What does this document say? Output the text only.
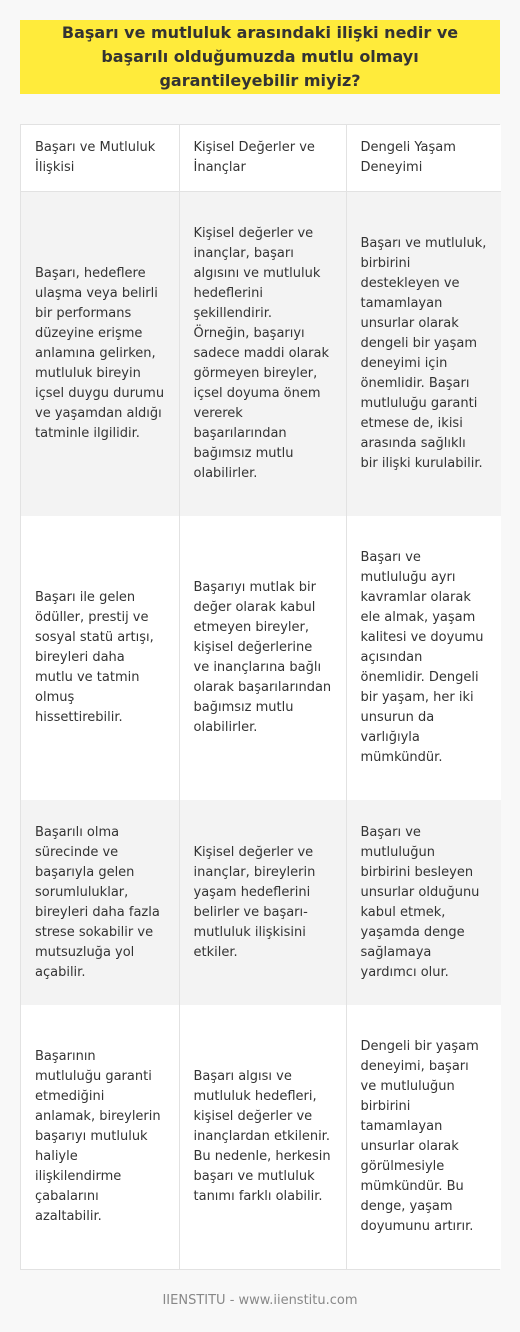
Başarı ve mutluluk arasındaki ilişki nedir ve başarılı olduğumuzda mutlu olmayı garantileyebilir miyiz?
Başarı ve Mutluluk İlişkisi	Kişisel Değerler ve İnançlar	Dengeli Yaşam Deneyimi
Başarı, hedeflere ulaşma veya belirli bir performans düzeyine erişme anlamına gelirken, mutluluk bireyin içsel duygu durumu ve yaşamdan aldığı tatminle ilgilidir.	Kişisel değerler ve inançlar, başarı algısını ve mutluluk hedeflerini şekillendirir. Örneğin, başarıyı sadece maddi olarak görmeyen bireyler, içsel doyuma önem vererek başarılarından bağımsız mutlu olabilirler.	Başarı ve mutluluk, birbirini destekleyen ve tamamlayan unsurlar olarak dengeli bir yaşam deneyimi için önemlidir. Başarı mutluluğu garanti etmese de, ikisi arasında sağlıklı bir ilişki kurulabilir.
Başarı ile gelen ödüller, prestij ve sosyal statü artışı, bireyleri daha mutlu ve tatmin olmuş hissettirebilir.	Başarıyı mutlak bir değer olarak kabul etmeyen bireyler, kişisel değerlerine ve inançlarına bağlı olarak başarılarından bağımsız mutlu olabilirler.	Başarı ve mutluluğu ayrı kavramlar olarak ele almak, yaşam kalitesi ve doyumu açısından önemlidir. Dengeli bir yaşam, her iki unsurun da varlığıyla mümkündür.
Başarılı olma sürecinde ve başarıyla gelen sorumluluklar, bireyleri daha fazla strese sokabilir ve mutsuzluğa yol açabilir.	Kişisel değerler ve inançlar, bireylerin yaşam hedeflerini belirler ve başarı-mutluluk ilişkisini etkiler.	Başarı ve mutluluğun birbirini besleyen unsurlar olduğunu kabul etmek, yaşamda denge sağlamaya yardımcı olur.
Başarının mutluluğu garanti etmediğini anlamak, bireylerin başarıyı mutluluk haliyle ilişkilendirme çabalarını azaltabilir.	Başarı algısı ve mutluluk hedefleri, kişisel değerler ve inançlardan etkilenir. Bu nedenle, herkesin başarı ve mutluluk tanımı farklı olabilir.	Dengeli bir yaşam deneyimi, başarı ve mutluluğun birbirini tamamlayan unsurlar olarak görülmesiyle mümkündür. Bu denge, yaşam doyumunu artırır.
IIENSTITU - www.iienstitu.com
